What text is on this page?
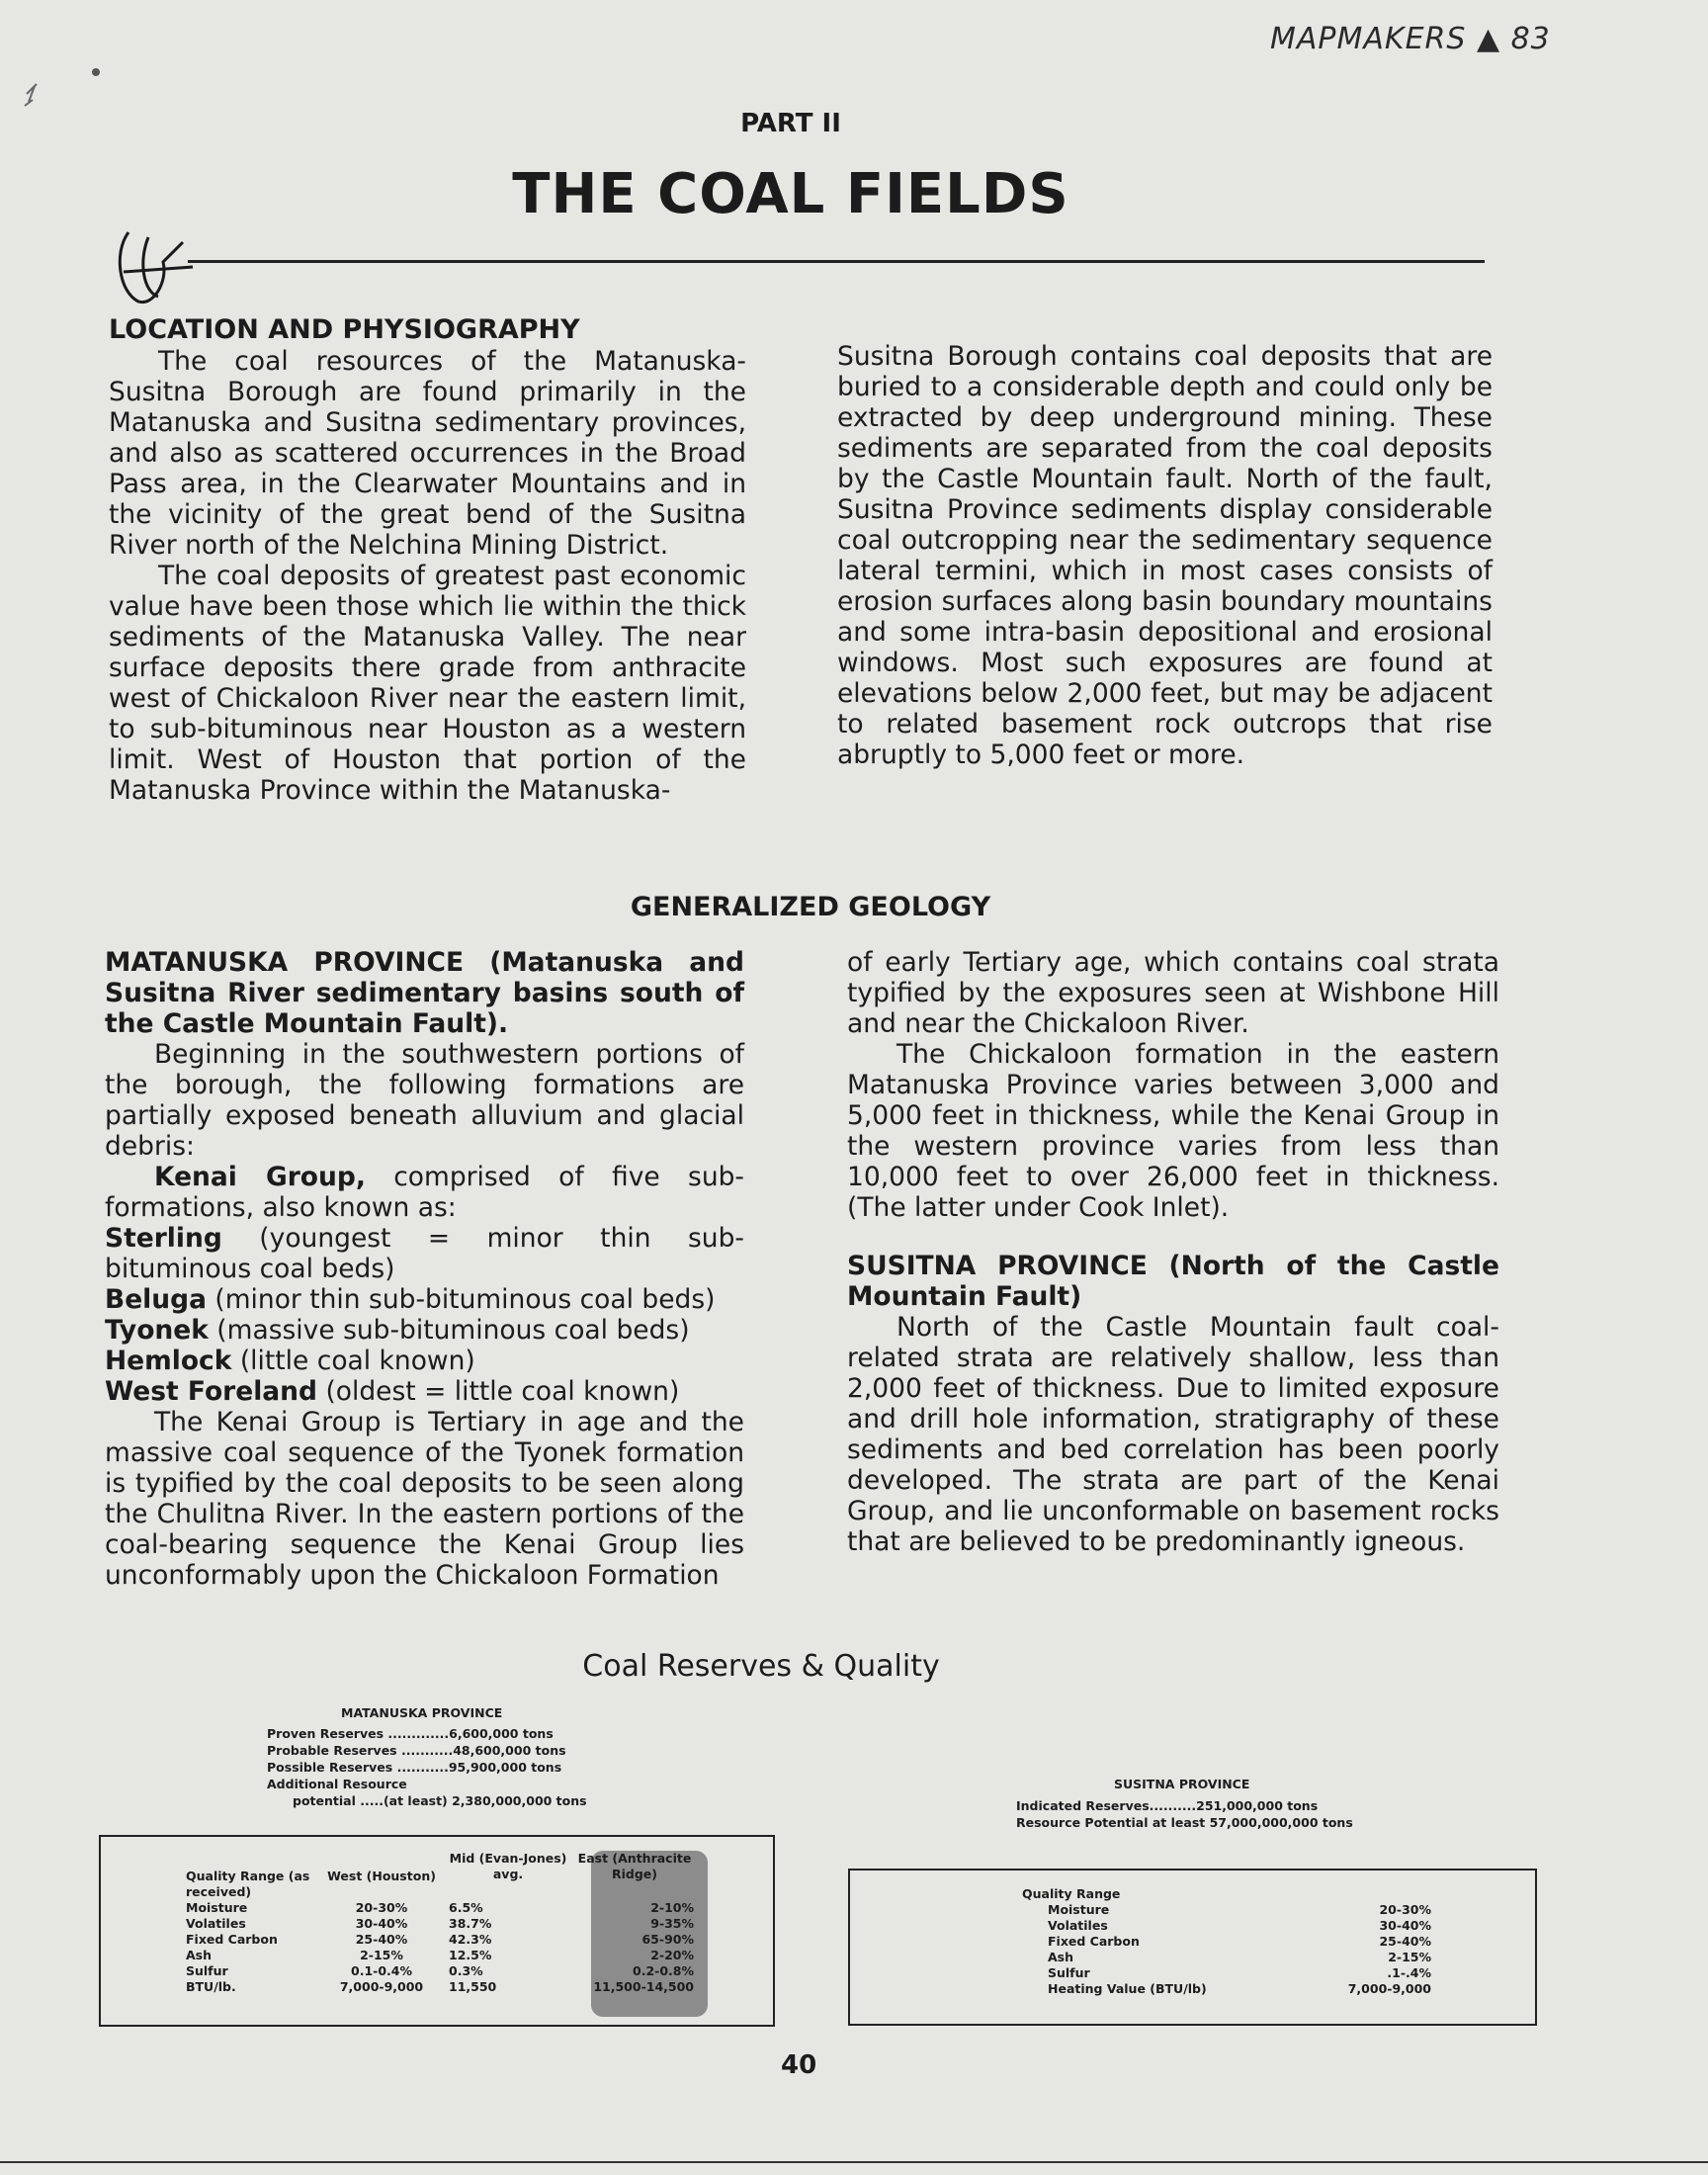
MAPMAKERS ▲ 83
PART II
THE COAL FIELDS
LOCATION AND PHYSIOGRAPHY

The coal resources of the Matanuska-Susitna Borough are found primarily in the Matanuska and Susitna sedimentary provinces, and also as scattered occurrences in the Broad Pass area, in the Clearwater Mountains and in the vicinity of the great bend of the Susitna River north of the Nelchina Mining District.

The coal deposits of greatest past economic value have been those which lie within the thick sediments of the Matanuska Valley. The near surface deposits there grade from anthracite west of Chickaloon River near the eastern limit, to sub-bituminous near Houston as a western limit. West of Houston that portion of the Matanuska Province within the Matanuska-

Susitna Borough contains coal deposits that are buried to a considerable depth and could only be extracted by deep underground mining. These sediments are separated from the coal deposits by the Castle Mountain fault. North of the fault, Susitna Province sediments display considerable coal outcropping near the sedimentary sequence lateral termini, which in most cases consists of erosion surfaces along basin boundary mountains and some intra-basin depositional and erosional windows. Most such exposures are found at elevations below 2,000 feet, but may be adjacent to related basement rock outcrops that rise abruptly to 5,000 feet or more.

GENERALIZED GEOLOGY

MATANUSKA PROVINCE (Matanuska and Susitna River sedimentary basins south of the Castle Mountain Fault).

Beginning in the southwestern portions of the borough, the following formations are partially exposed beneath alluvium and glacial debris:

Kenai Group, comprised of five sub-formations, also known as:

Sterling (youngest = minor thin sub-bituminous coal beds)

Beluga (minor thin sub-bituminous coal beds)

Tyonek (massive sub-bituminous coal beds)

Hemlock (little coal known)

West Foreland (oldest = little coal known)

The Kenai Group is Tertiary in age and the massive coal sequence of the Tyonek formation is typified by the coal deposits to be seen along the Chulitna River. In the eastern portions of the coal-bearing sequence the Kenai Group lies unconformably upon the Chickaloon Formation

of early Tertiary age, which contains coal strata typified by the exposures seen at Wishbone Hill and near the Chickaloon River.

The Chickaloon formation in the eastern Matanuska Province varies between 3,000 and 5,000 feet in thickness, while the Kenai Group in the western province varies from less than 10,000 feet to over 26,000 feet in thickness. (The latter under Cook Inlet).

SUSITNA PROVINCE (North of the Castle Mountain Fault)

North of the Castle Mountain fault coal-related strata are relatively shallow, less than 2,000 feet of thickness. Due to limited exposure and drill hole information, stratigraphy of these sediments and bed correlation has been poorly developed. The strata are part of the Kenai Group, and lie unconformable on basement rocks that are believed to be predominantly igneous.

Coal Reserves & Quality
MATANUSKA PROVINCE
Proven Reserves .............6,600,000 tons
Probable Reserves ...........48,600,000 tons
Possible Reserves ...........95,900,000 tons
Additional Resource
potential .....(at least) 2,380,000,000 tons
Quality Range (as received)	West (Houston)	Mid (Evan-Jones) avg.	East (Anthracite Ridge)
Moisture	20-30%	6.5%	2-10%
Volatiles	30-40%	38.7%	9-35%
Fixed Carbon	25-40%	42.3%	65-90%
Ash	2-15%	12.5%	2-20%
Sulfur	0.1-0.4%	0.3%	0.2-0.8%
BTU/lb.	7,000-9,000	11,550	11,500-14,500
SUSITNA PROVINCE
Indicated Reserves..........251,000,000 tons
Resource Potential at least 57,000,000,000 tons
Quality Range	
Moisture	20-30%
Volatiles	30-40%
Fixed Carbon	25-40%
Ash	2-15%
Sulfur	.1-.4%
Heating Value (BTU/lb)	7,000-9,000
40
